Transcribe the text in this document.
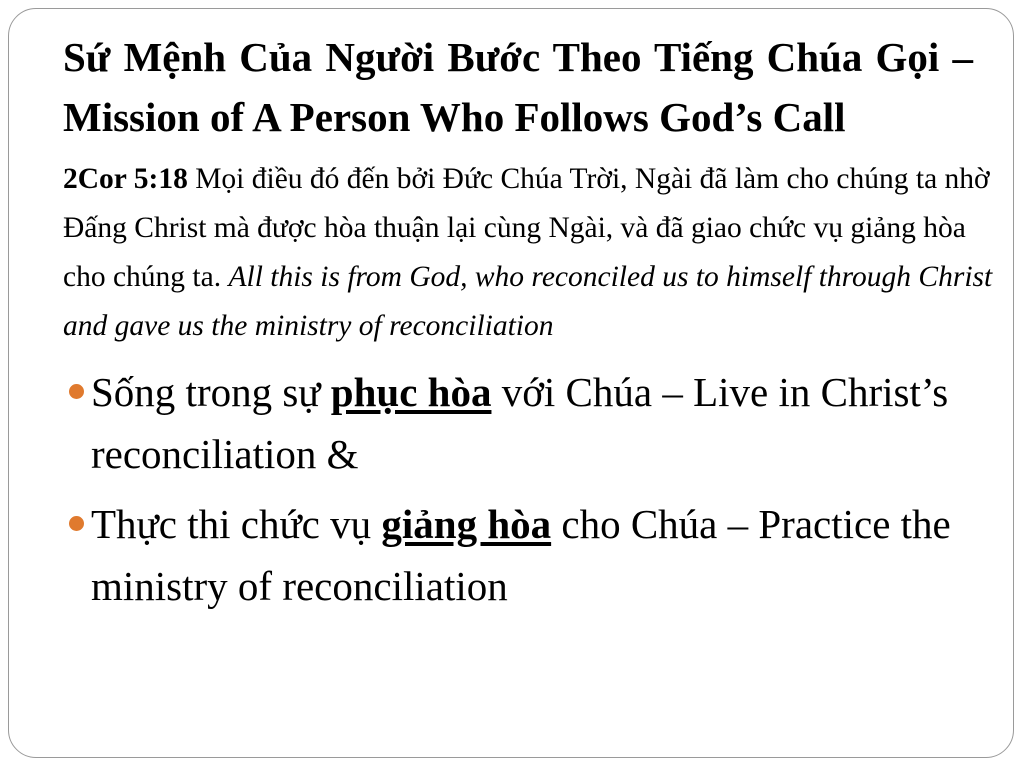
Sứ Mệnh Của Người Bước Theo Tiếng Chúa Gọi – Mission of A Person Who Follows God’s Call

2Cor 5:18 Mọi điều đó đến bởi Đức Chúa Trời, Ngài đã làm cho chúng ta nhờ Đấng Christ mà được hòa thuận lại cùng Ngài, và đã giao chức vụ giảng hòa cho chúng ta. All this is from God, who reconciled us to himself through Christ and gave us the ministry of reconciliation

Sống trong sự phục hòa với Chúa – Live in Christ’s reconciliation &
Thực thi chức vụ giảng hòa cho Chúa – Practice the ministry of reconciliation
